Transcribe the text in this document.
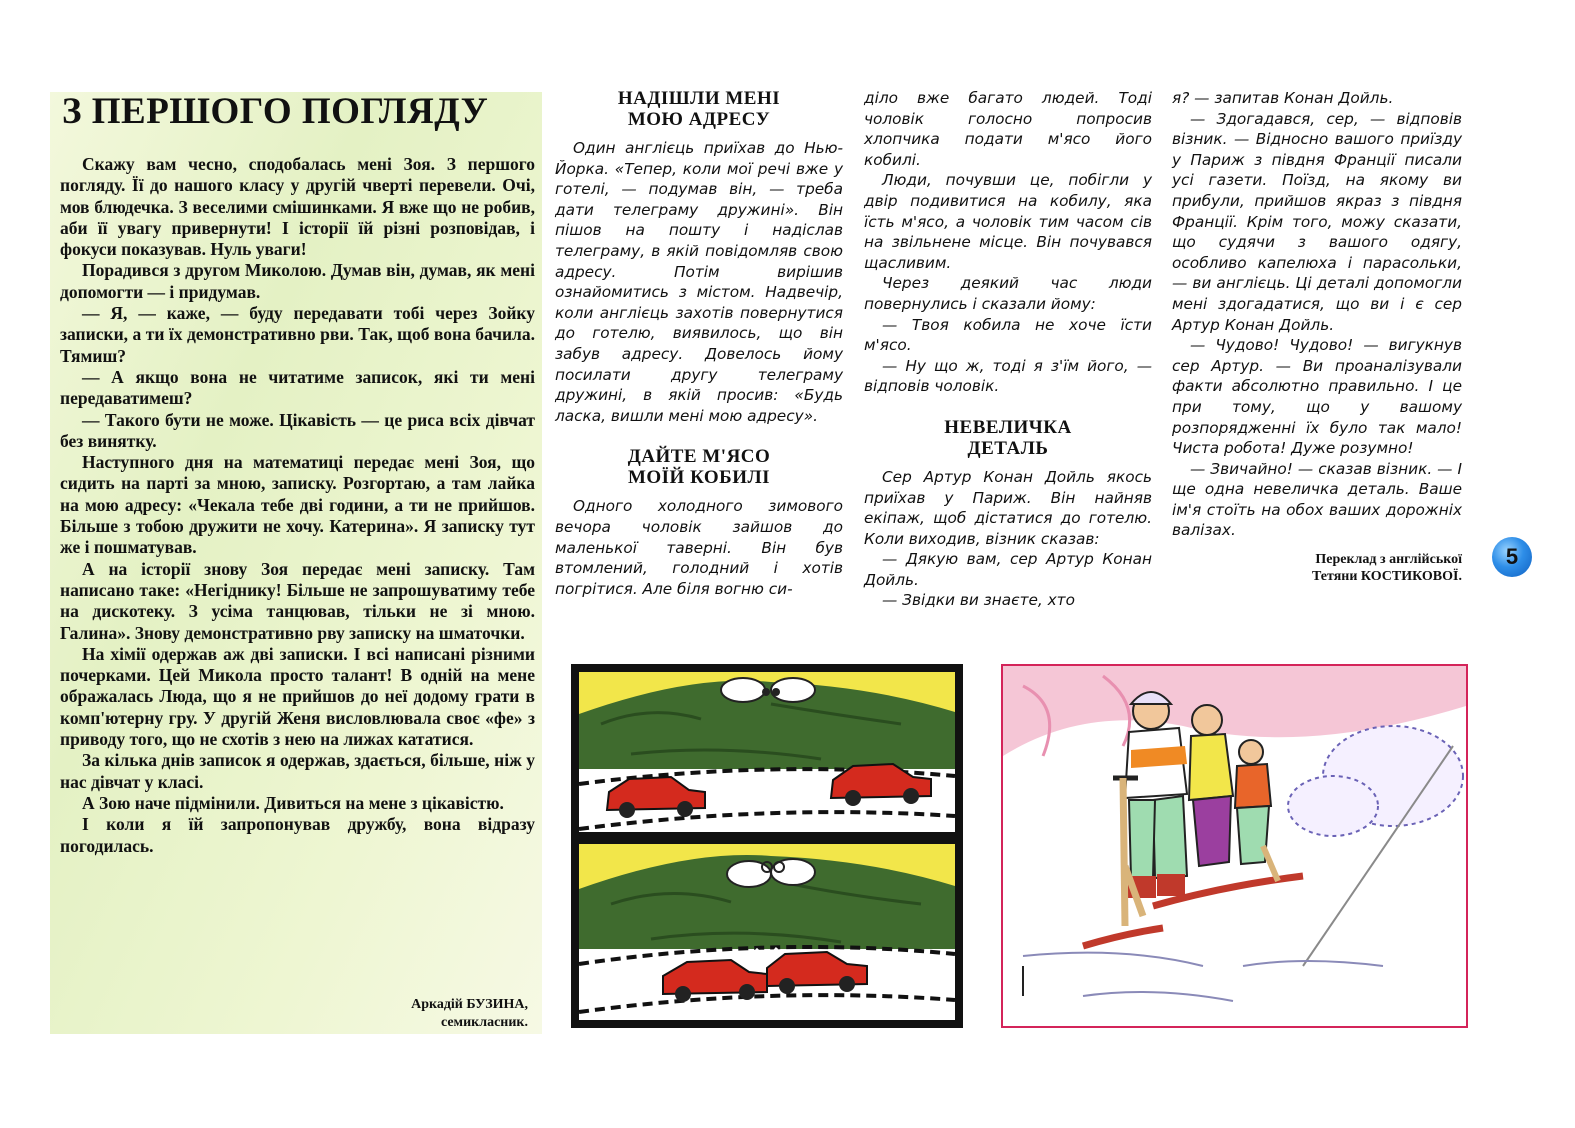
З ПЕРШОГО ПОГЛЯДУ

Скажу вам чесно, сподобалась мені Зоя. З першого погляду. Її до нашого класу у другій чверті перевели. Очі, мов блюдечка. З веселими смішинками. Я вже що не робив, аби її увагу привернути! І історії їй різні розповідав, і фокуси показував. Нуль уваги!

Порадився з другом Миколою. Думав він, думав, як мені допомогти — і придумав.

— Я, — каже, — буду передавати тобі через Зойку записки, а ти їх демонстративно рви. Так, щоб вона бачила. Тямиш?

— А якщо вона не читатиме записок, які ти мені передаватимеш?

— Такого бути не може. Цікавість — це риса всіх дівчат без винятку.

Наступного дня на математиці передає мені Зоя, що сидить на парті за мною, записку. Розгортаю, а там лайка на мою адресу: «Чекала тебе дві години, а ти не прийшов. Більше з тобою дружити не хочу. Катерина». Я записку тут же і пошматував.

А на історії знову Зоя передає мені записку. Там написано таке: «Негіднику! Більше не запрошуватиму тебе на дискотеку. З усіма танцював, тільки не зі мною. Галина». Знову демонстративно рву записку на шматочки.

На хімії одержав аж дві записки. І всі написані різними почерками. Цей Микола просто талант! В одній на мене ображалась Люда, що я не прийшов до неї додому грати в комп'ютерну гру. У другій Женя висловлювала своє «фе» з приводу того, що не схотів з нею на лижах кататися.

За кілька днів записок я одержав, здається, більше, ніж у нас дівчат у класі.

А Зою наче підмінили. Дивиться на мене з цікавістю.

І коли я їй запропонував дружбу, вона відразу погодилась.

Аркадій БУЗИНА,
семикласник.
НАДІШЛИ МЕНІ
МОЮ АДРЕСУ

Один англієць приїхав до Нью-Йорка. «Тепер, коли мої речі вже у готелі, — подумав він, — треба дати телеграму дружині». Він пішов на пошту і надіслав телеграму, в якій повідомляв свою адресу. Потім вирішив ознайомитись з містом. Надвечір, коли англієць захотів повернутися до готелю, виявилось, що він забув адресу. Довелось йому посилати другу телеграму дружині, в якій просив: «Будь ласка, вишли мені мою адресу».

ДАЙТЕ М'ЯСО
МОЇЙ КОБИЛІ

Одного холодного зимового вечора чоловік зайшов до маленької таверні. Він був втомлений, голодний і хотів погрітися. Але біля вогню си-

діло вже багато людей. Тоді чоловік голосно попросив хлопчика подати м'ясо його кобилі.

Люди, почувши це, побігли у двір подивитися на кобилу, яка їсть м'ясо, а чоловік тим часом сів на звільнене місце. Він почувався щасливим.

Через деякий час люди повернулись і сказали йому:

— Твоя кобила не хоче їсти м'ясо.

— Ну що ж, тоді я з'їм його, — відповів чоловік.

НЕВЕЛИЧКА
ДЕТАЛЬ

Сер Артур Конан Дойль якось приїхав у Париж. Він найняв екіпаж, щоб дістатися до готелю. Коли виходив, візник сказав:

— Дякую вам, сер Артур Конан Дойль.

— Звідки ви знаєте, хто

я? — запитав Конан Дойль.

— Здогадався, сер, — відповів візник. — Відносно вашого приїзду у Париж з півдня Франції писали усі газети. Поїзд, на якому ви прибули, прийшов якраз з півдня Франції. Крім того, можу сказати, що судячи з вашого одягу, особливо капелюха і парасольки, — ви англієць. Ці деталі допомогли мені здогадатися, що ви і є сер Артур Конан Дойль.

— Чудово! Чудово! — вигукнув сер Артур. — Ви проаналізували факти абсолютно правильно. І це при тому, що у вашому розпорядженні їх було так мало! Чиста робота! Дуже розумно!

— Звичайно! — сказав візник. — І ще одна невеличка деталь. Ваше ім'я стоїть на обох ваших дорожніх валізах.

Переклад з англійської
Тетяни КОСТИКОВОЇ.
5
